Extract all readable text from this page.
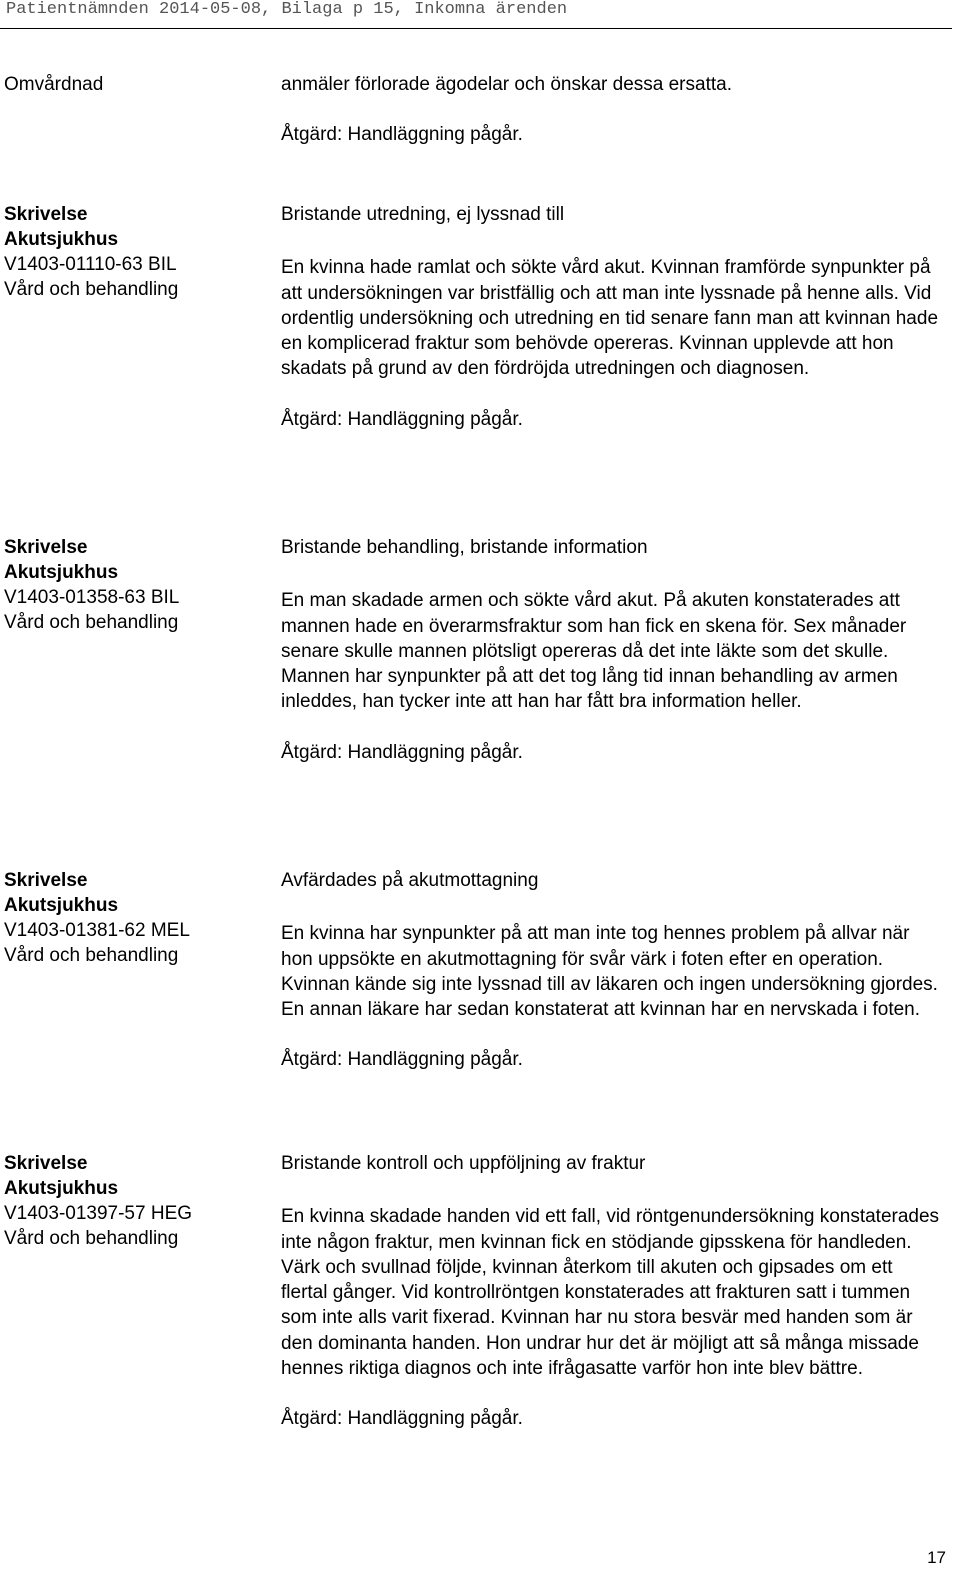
Patientnämnden 2014-05-08, Bilaga p 15, Inkomna ärenden
Omvårdnad	anmäler förlorade ägodelar och önskar dessa ersatta.

Åtgärd: Handläggning pågår.

Skrivelse
Akutsjukhus
V1403-01110-63 BIL
Vård och behandling

Bristande utredning, ej lyssnad till

En kvinna hade ramlat och sökte vård akut. Kvinnan framförde synpunkter på att undersökningen var bristfällig och att man inte lyssnade på henne alls. Vid ordentlig undersökning och utredning en tid senare fann man att kvinnan hade en komplicerad fraktur som behövde opereras. Kvinnan upplevde att hon skadats på grund av den fördröjda utredningen och diagnosen.

Åtgärd: Handläggning pågår.

Skrivelse
Akutsjukhus
V1403-01358-63 BIL
Vård och behandling

Bristande behandling, bristande information

En man skadade armen och sökte vård akut. På akuten konstaterades att mannen hade en överarmsfraktur som han fick en skena för. Sex månader senare skulle mannen plötsligt opereras då det inte läkte som det skulle. Mannen har synpunkter på att det tog lång tid innan behandling av armen inleddes, han tycker inte att han har fått bra information heller.

Åtgärd: Handläggning pågår.

Skrivelse
Akutsjukhus
V1403-01381-62 MEL
Vård och behandling

Avfärdades på akutmottagning

En kvinna har synpunkter på att man inte tog hennes problem på allvar när hon uppsökte en akutmottagning för svår värk i foten efter en operation. Kvinnan kände sig inte lyssnad till av läkaren och ingen undersökning gjordes. En annan läkare har sedan konstaterat att kvinnan har en nervskada i foten.

Åtgärd: Handläggning pågår.

Skrivelse
Akutsjukhus
V1403-01397-57 HEG
Vård och behandling

Bristande kontroll och uppföljning av fraktur

En kvinna skadade handen vid ett fall, vid röntgenundersökning konstaterades inte någon fraktur, men kvinnan fick en stödjande gipsskena för handleden. Värk och svullnad följde, kvinnan återkom till akuten och gipsades om ett flertal gånger. Vid kontrollröntgen konstaterades att frakturen satt i tummen som inte alls varit fixerad. Kvinnan har nu stora besvär med handen som är den dominanta handen. Hon undrar hur det är möjligt att så många missade hennes riktiga diagnos och inte ifrågasatte varför hon inte blev bättre.

Åtgärd: Handläggning pågår.

17
